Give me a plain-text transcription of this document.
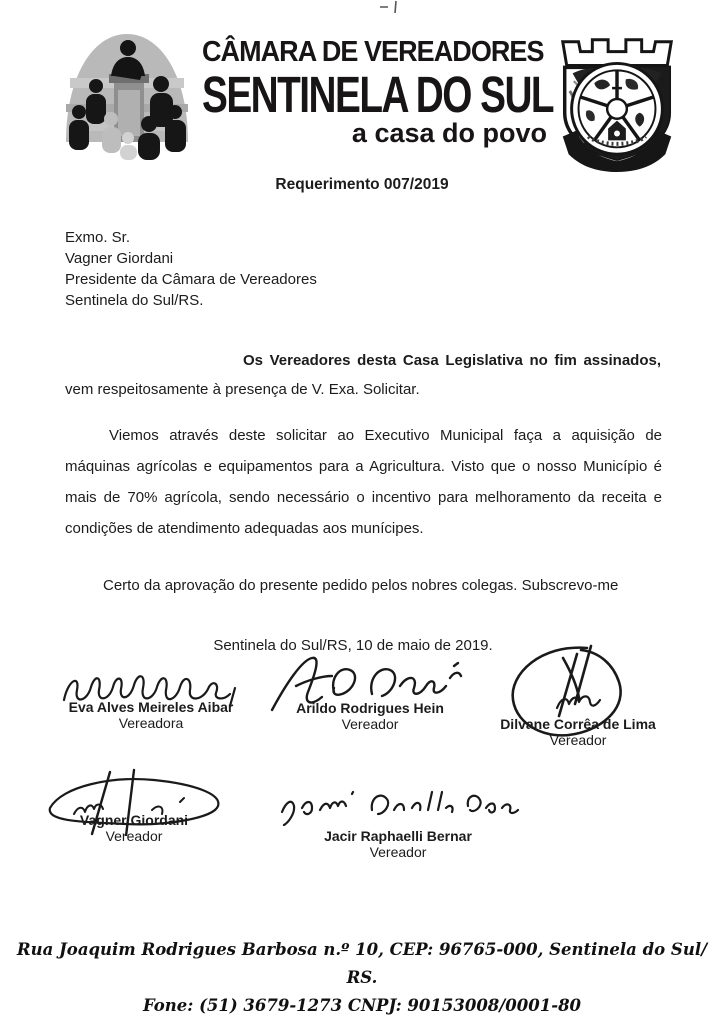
CÂMARA DE VEREADORES
SENTINELA DO SUL
a casa do povo
Requerimento 007/2019
Exmo. Sr.
Vagner Giordani
Presidente da Câmara de Vereadores
Sentinela do Sul/RS.
Os Vereadores desta Casa Legislativa no fim assinados, vem respeitosamente à presença de V. Exa. Solicitar.
Viemos através deste solicitar ao Executivo Municipal faça a aquisição de máquinas agrícolas e equipamentos para a Agricultura. Visto que o nosso Município é mais de 70% agrícola, sendo necessário o incentivo para melhoramento da receita e condições de atendimento adequadas aos munícipes.
Certo da aprovação do presente pedido pelos nobres colegas. Subscrevo-me
Sentinela do Sul/RS, 10 de maio de 2019.
Eva Alves Meireles Aibar
Vereadora
Arildo Rodrigues Hein
Vereador	Dilvane Corrêa de Lima
Vereador
Vagner Giordani
Vereador	Jacir Raphaelli Bernar
Vereador
Rua Joaquim Rodrigues Barbosa n.º 10, CEP: 96765-000, Sentinela do Sul/ RS.
Fone: (51) 3679-1273 CNPJ: 90153008/0001-80
